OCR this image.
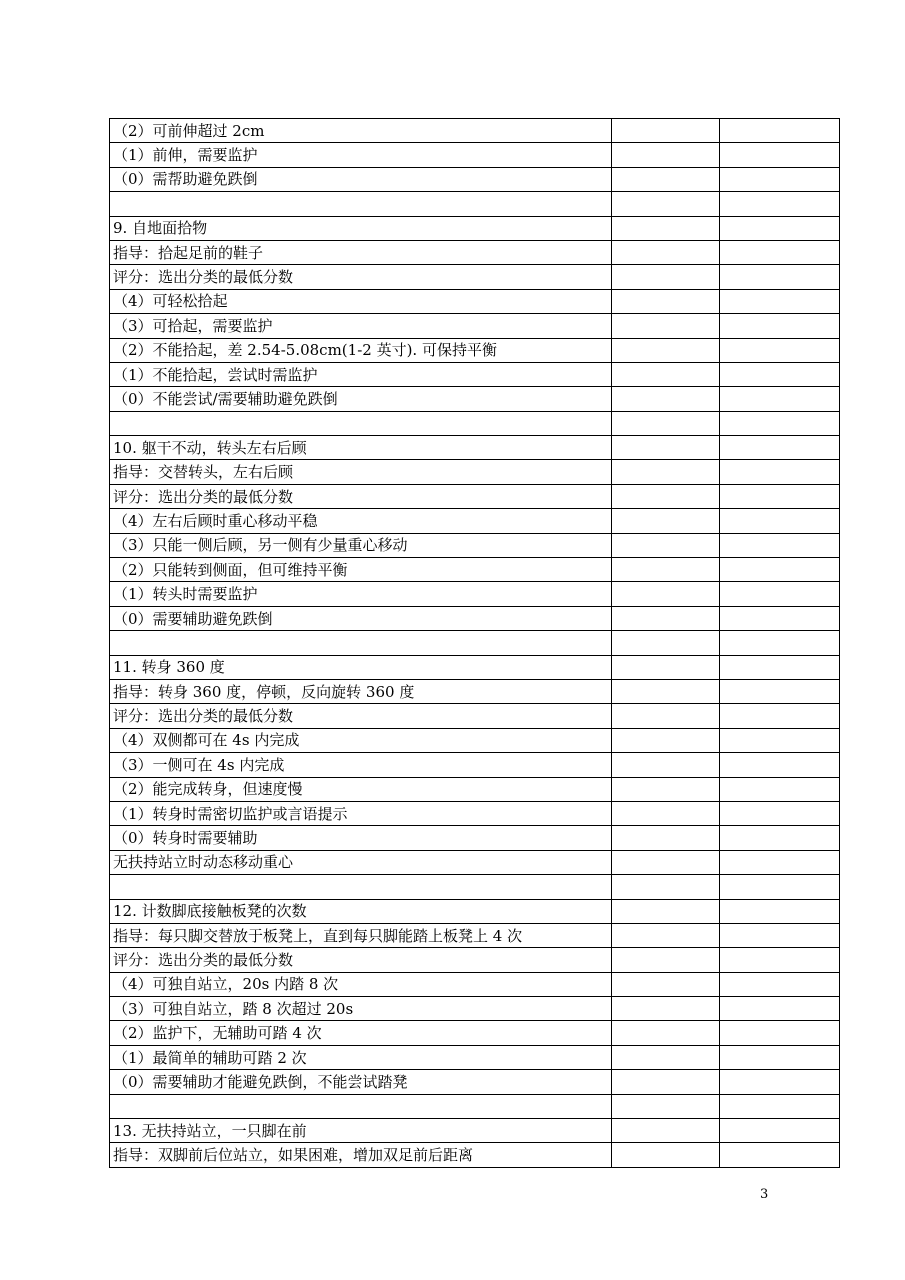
（2）可前伸超过 2cm		
（1）前伸，需要监护		
（0）需帮助避免跌倒		

9. 自地面拾物		
指导：拾起足前的鞋子		
评分：选出分类的最低分数		
（4）可轻松拾起		
（3）可拾起，需要监护		
（2）不能拾起，差 2.54-5.08cm(1-2 英寸). 可保持平衡		
（1）不能拾起，尝试时需监护		
（0）不能尝试/需要辅助避免跌倒		

10. 躯干不动，转头左右后顾		
指导：交替转头，左右后顾		
评分：选出分类的最低分数		
（4）左右后顾时重心移动平稳		
（3）只能一侧后顾，另一侧有少量重心移动		
（2）只能转到侧面，但可维持平衡		
（1）转头时需要监护		
（0）需要辅助避免跌倒		

11. 转身 360 度		
指导：转身 360 度，停顿，反向旋转 360 度		
评分：选出分类的最低分数		
（4）双侧都可在 4s 内完成		
（3）一侧可在 4s 内完成		
（2）能完成转身，但速度慢		
（1）转身时需密切监护或言语提示		
（0）转身时需要辅助		
无扶持站立时动态移动重心		

12. 计数脚底接触板凳的次数		
指导：每只脚交替放于板凳上，直到每只脚能踏上板凳上 4 次		
评分：选出分类的最低分数		
（4）可独自站立，20s 内踏 8 次		
（3）可独自站立，踏 8 次超过 20s		
（2）监护下，无辅助可踏 4 次		
（1）最简单的辅助可踏 2 次		
（0）需要辅助才能避免跌倒，不能尝试踏凳		

13. 无扶持站立，一只脚在前		
指导：双脚前后位站立，如果困难，增加双足前后距离		
3
